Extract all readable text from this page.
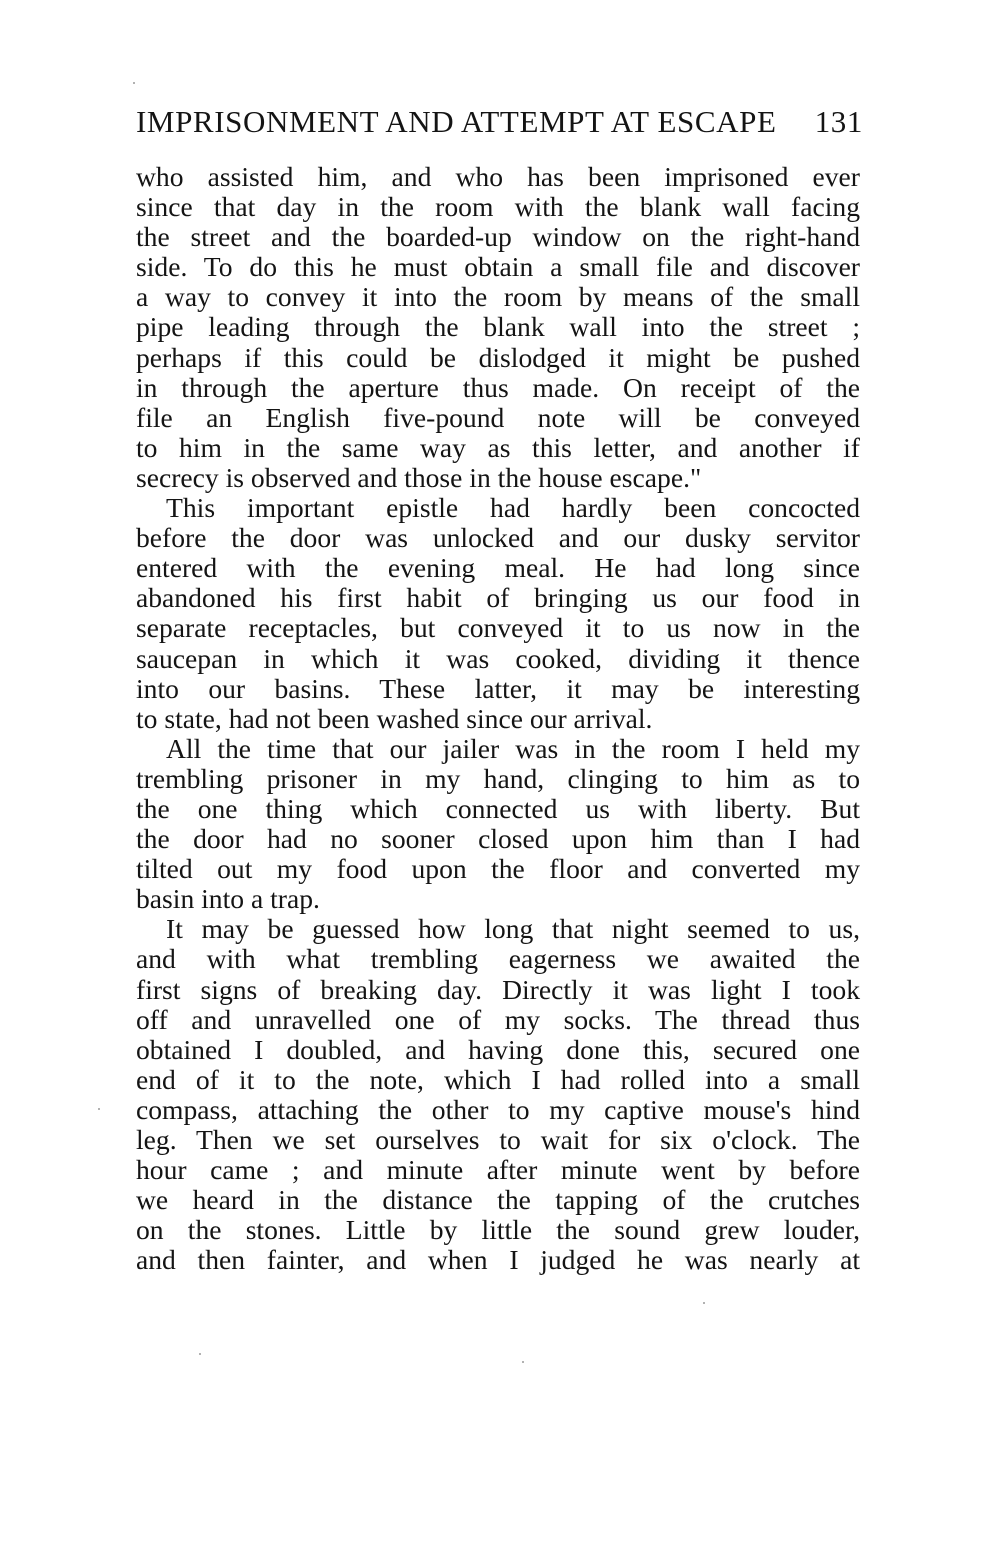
IMPRISONMENT AND ATTEMPT AT ESCAPE 131
who assisted him, and who has been imprisoned ever
since that day in the room with the blank wall facing
the street and the boarded-up window on the right-hand
side. To do this he must obtain a small file and discover
a way to convey it into the room by means of the small
pipe leading through the blank wall into the street ;
perhaps if this could be dislodged it might be pushed
in through the aperture thus made. On receipt of the
file an English five-pound note will be conveyed
to him in the same way as this letter, and another if
secrecy is observed and those in the house escape."
This important epistle had hardly been concocted
before the door was unlocked and our dusky servitor
entered with the evening meal. He had long since
abandoned his first habit of bringing us our food in
separate receptacles, but conveyed it to us now in the
saucepan in which it was cooked, dividing it thence
into our basins. These latter, it may be interesting
to state, had not been washed since our arrival.
All the time that our jailer was in the room I held my
trembling prisoner in my hand, clinging to him as to
the one thing which connected us with liberty. But
the door had no sooner closed upon him than I had
tilted out my food upon the floor and converted my
basin into a trap.
It may be guessed how long that night seemed to us,
and with what trembling eagerness we awaited the
first signs of breaking day. Directly it was light I took
off and unravelled one of my socks. The thread thus
obtained I doubled, and having done this, secured one
end of it to the note, which I had rolled into a small
compass, attaching the other to my captive mouse's hind
leg. Then we set ourselves to wait for six o'clock. The
hour came ; and minute after minute went by before
we heard in the distance the tapping of the crutches
on the stones. Little by little the sound grew louder,
and then fainter, and when I judged he was nearly at
